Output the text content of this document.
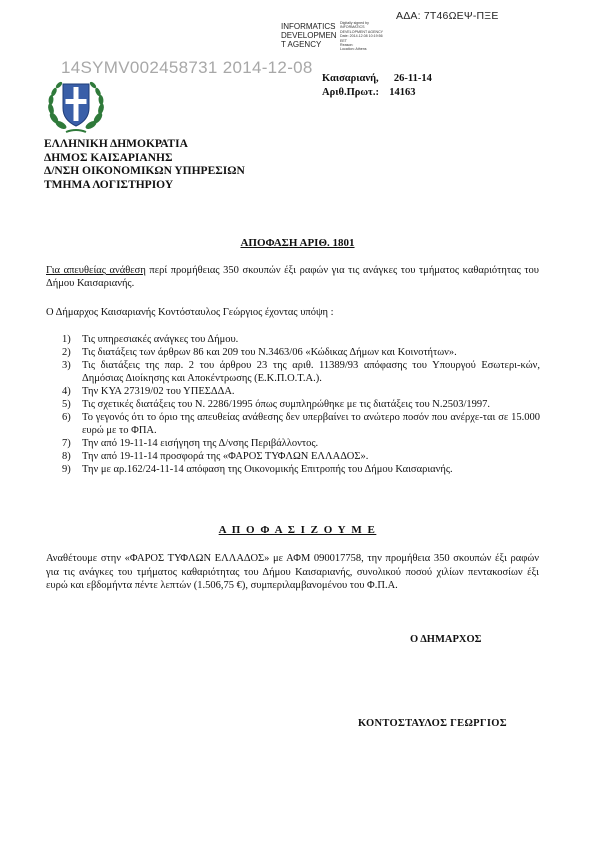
ΑΔΑ: 7Τ46ΩΕΨ-ΠΞΕ
INFORMATICS
DEVELOPMEN
T AGENCY
Digitally signed by
INFORMATICS
DEVELOPMENT AGENCY
Date: 2014.12.08 10:19:56
EET
Reason:
Location: Athens
14SYMV002458731 2014-12-08
Καισαριανή, 26-11-14
Αριθ.Πρωτ.: 14163
ΕΛΛΗΝΙΚΗ ΔΗΜΟΚΡΑΤΙΑ
ΔΗΜΟΣ ΚΑΙΣΑΡΙΑΝΗΣ
Δ/ΝΣΗ ΟΙΚΟΝΟΜΙΚΩΝ ΥΠΗΡΕΣΙΩΝ
ΤΜΗΜΑ ΛΟΓΙΣΤΗΡΙΟΥ
ΑΠΟΦΑΣΗ ΑΡΙΘ. 1801
Για απευθείας ανάθεση περί προμήθειας 350 σκουπών έξι ραφών για τις ανάγκες του τμήματος καθαριότητας του Δήμου Καισαριανής.
Ο Δήμαρχος Καισαριανής Κοντόσταυλος Γεώργιος έχοντας υπόψη :
1) Τις υπηρεσιακές ανάγκες του Δήμου.
2) Τις διατάξεις των άρθρων 86 και 209 του Ν.3463/06 «Κώδικας Δήμων και Κοινοτήτων».
3) Τις διατάξεις της παρ. 2 του άρθρου 23 της αριθ. 11389/93 απόφασης του Υπουργού Εσωτερι-κών, Δημόσιας Διοίκησης και Αποκέντρωσης (Ε.Κ.Π.Ο.Τ.Α.).
4) Την ΚΥΑ 27319/02 του ΥΠΕΣΔΔΑ.
5) Τις σχετικές διατάξεις του Ν. 2286/1995 όπως συμπληρώθηκε με τις διατάξεις του Ν.2503/1997.
6) Το γεγονός ότι το όριο της απευθείας ανάθεσης δεν υπερβαίνει το ανώτερο ποσόν που ανέρχε-ται σε 15.000 ευρώ με το ΦΠΑ.
7) Την από 19-11-14 εισήγηση της Δ/νσης Περιβάλλοντος.
8) Την από 19-11-14 προσφορά της «ΦΑΡΟΣ ΤΥΦΛΩΝ ΕΛΛΑΔΟΣ».
9) Την με αρ.162/24-11-14 απόφαση της Οικονομικής Επιτροπής του Δήμου Καισαριανής.
Α Π Ο Φ Α Σ Ι Ζ Ο Υ Μ Ε
Αναθέτουμε στην «ΦΑΡΟΣ ΤΥΦΛΩΝ ΕΛΛΑΔΟΣ» με ΑΦΜ 090017758, την προμήθεια 350 σκουπών έξι ραφών για τις ανάγκες του τμήματος καθαριότητας του Δήμου Καισαριανής, συνολικού ποσού χιλίων πεντακοσίων έξι ευρώ και εβδομήντα πέντε λεπτών (1.506,75 €), συμπεριλαμβανομένου του Φ.Π.Α.
Ο ΔΗΜΑΡΧΟΣ
ΚΟΝΤΟΣΤΑΥΛΟΣ ΓΕΩΡΓΙΟΣ
